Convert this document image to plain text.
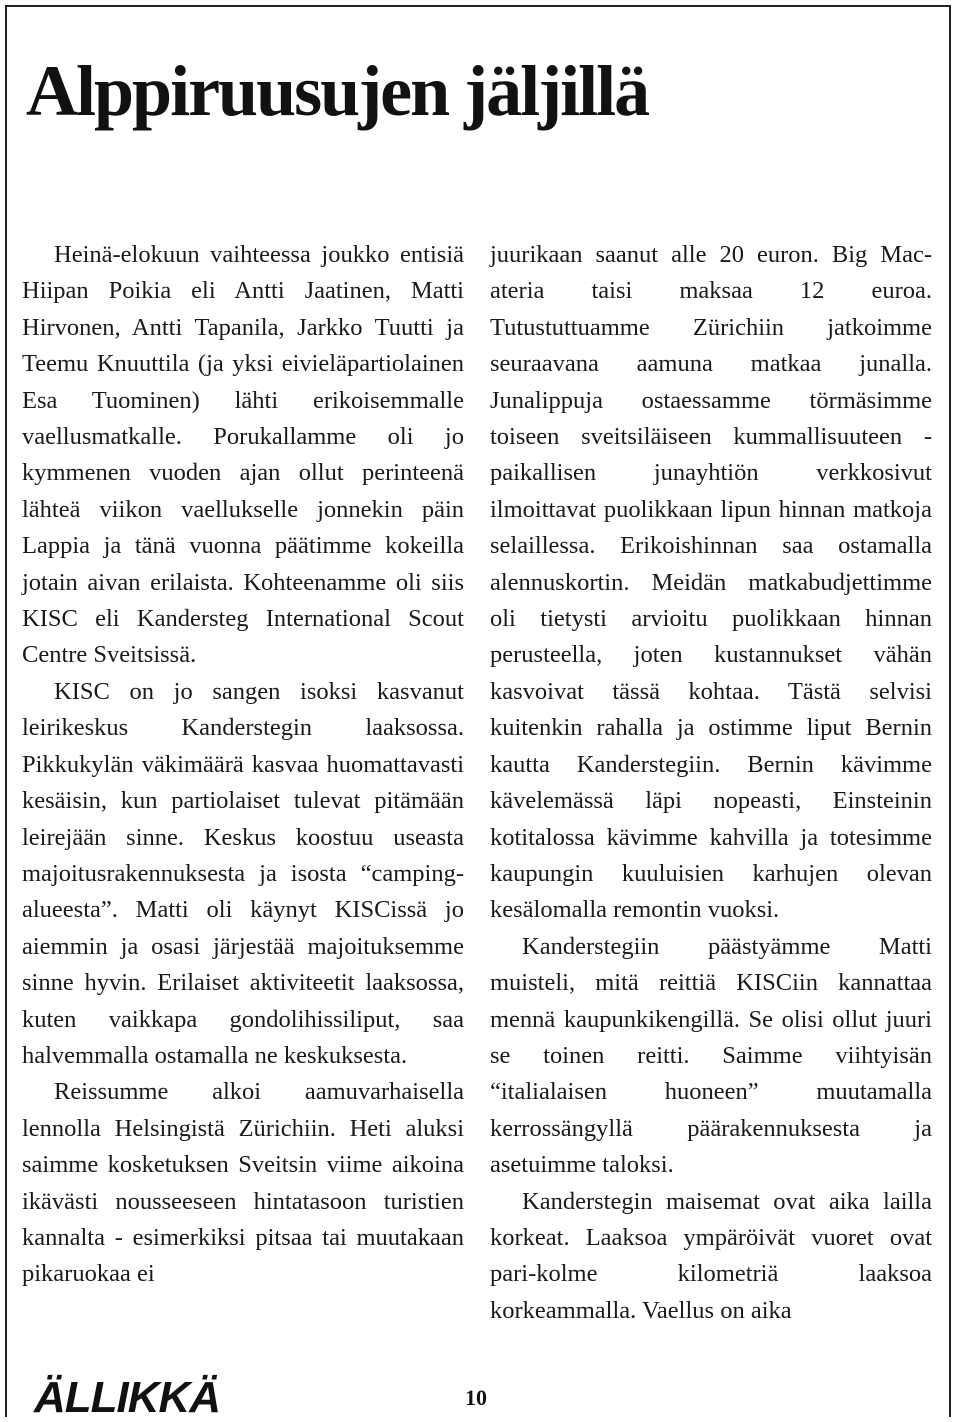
Alppiruusujen jäljillä

Heinä-elokuun vaihteessa joukko entisiä Hiipan Poikia eli Antti Jaatinen, Matti Hirvonen, Antti Tapanila, Jarkko Tuutti ja Teemu Knuuttila (ja yksi eivieläpartiolainen Esa Tuominen) lähti erikoisemmalle vaellusmatkalle. Porukallamme oli jo kymmenen vuoden ajan ollut perinteenä lähteä viikon vaellukselle jonnekin päin Lappia ja tänä vuonna päätimme kokeilla jotain aivan erilaista. Kohteenamme oli siis KISC eli Kandersteg International Scout Centre Sveitsissä.

KISC on jo sangen isoksi kasvanut leirikeskus Kanderstegin laaksossa. Pikkukylän väkimäärä kasvaa huomattavasti kesäisin, kun partiolaiset tulevat pitämään leirejään sinne. Keskus koostuu useasta majoitusrakennuksesta ja isosta “camping-alueesta”. Matti oli käynyt KISCissä jo aiemmin ja osasi järjestää majoituksemme sinne hyvin. Erilaiset aktiviteetit laaksossa, kuten vaikkapa gondolihissiliput, saa halvemmalla ostamalla ne keskuksesta.

Reissumme alkoi aamuvarhaisella lennolla Helsingistä Zürichiin. Heti aluksi saimme kosketuksen Sveitsin viime aikoina ikävästi nousseeseen hintatasoon turistien kannalta - esimerkiksi pitsaa tai muutakaan pikaruokaa ei

juurikaan saanut alle 20 euron. Big Mac-ateria taisi maksaa 12 euroa. Tutustuttuamme Zürichiin jatkoimme seuraavana aamuna matkaa junalla. Junalippuja ostaessamme törmäsimme toiseen sveitsiläiseen kummallisuuteen - paikallisen junayhtiön verkkosivut ilmoittavat puolikkaan lipun hinnan matkoja selaillessa. Erikoishinnan saa ostamalla alennuskortin. Meidän matkabudjettimme oli tietysti arvioitu puolikkaan hinnan perusteella, joten kustannukset vähän kasvoivat tässä kohtaa. Tästä selvisi kuitenkin rahalla ja ostimme liput Bernin kautta Kanderstegiin. Bernin kävimme kävelemässä läpi nopeasti, Einsteinin kotitalossa kävimme kahvilla ja totesimme kaupungin kuuluisien karhujen olevan kesälomalla remontin vuoksi.

Kanderstegiin päästyämme Matti muisteli, mitä reittiä KISCiin kannattaa mennä kaupunkikengillä. Se olisi ollut juuri se toinen reitti. Saimme viihtyisän “italialaisen huoneen” muutamalla kerrossängyllä päärakennuksesta ja asetuimme taloksi.

Kanderstegin maisemat ovat aika lailla korkeat. Laaksoa ympäröivät vuoret ovat pari-kolme kilometriä laaksoa korkeammalla. Vaellus on aika

ÄLLIKKÄ	10
